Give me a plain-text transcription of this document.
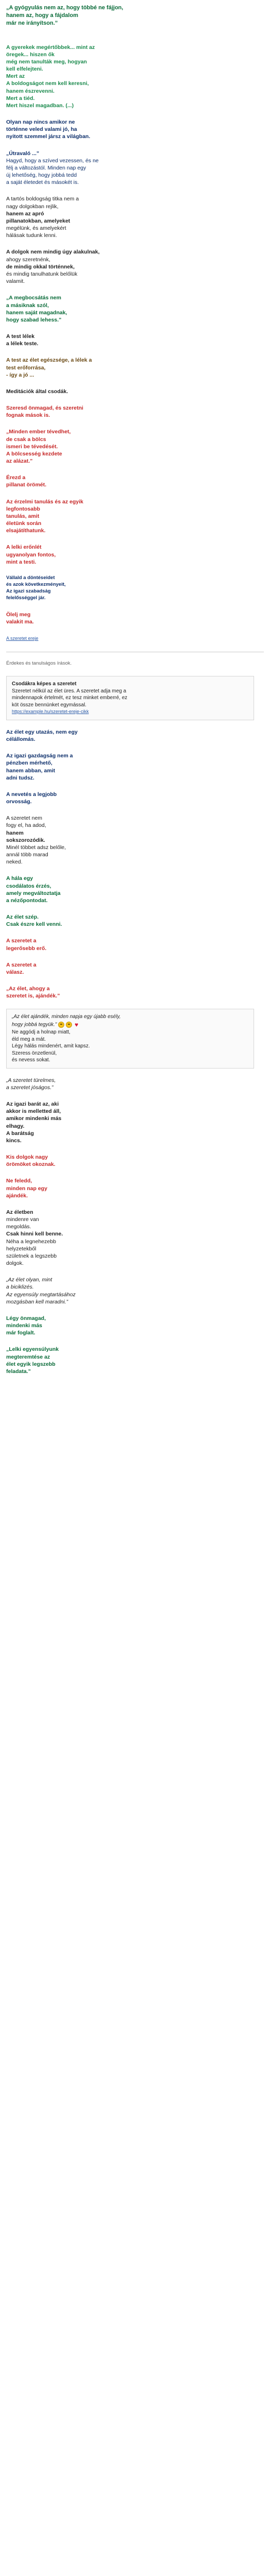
„A gyógyulás nem az, hogy többé ne fájjon,
hanem az, hogy a fájdalom
már ne irányítson.”
A gyerekek megértőbbek... mint az
öregek... hiszen ők
még nem tanulták meg, hogyan
kell elfelejteni.
Mert az
A boldogságot nem kell keresni,
hanem észrevenni.
Mert a tiéd.
Mert hiszel magadban. (...)
Olyan nap nincs amikor ne
történne veled valami jó, ha
nyitott szemmel jársz a világban.
„Útravaló ...”
Hagyd, hogy a szíved vezessen, és ne
félj a változástól. Minden nap egy
új lehetőség, hogy jobbá tedd
a saját életedet és másokét is.
A tartós boldogság titka nem a
nagy dolgokban rejlik,
hanem az apró
pillanatokban, amelyeket
megélünk, és amelyekért
hálásak tudunk lenni.
A dolgok nem mindig úgy alakulnak,
ahogy szeretnénk,
de mindig okkal történnek,
és mindig tanulhatunk belőlük
valamit.
„A megbocsátás nem
a másiknak szól,
hanem saját magadnak,
hogy szabad lehess.”
A test lélek
a lélek teste.
A test az élet egészsége, a lélek a
test erőforrása,
- így a jó ...
Meditációk által csodák.
Szeresd önmagad, és szeretni
fognak mások is.
„Minden ember tévedhet,
de csak a bölcs
ismeri be tévedését.
A bölcsesség kezdete
az alázat.”
Érezd a
pillanat örömét.
Az érzelmi tanulás és az egyik
legfontosabb
tanulás, amit
életünk során
elsajátíthatunk.
A lelki erőnlét
ugyanolyan fontos,
mint a testi.
Vállald a döntéseidet
és azok következményeit,
Az igazi szabadság
felelősséggel jár.
Ölelj meg
valakit ma.
A szeretet ereje
Érdekes és tanulságos írások.
Csodákra képes a szeretet
Szeretet nélkül az élet üres. A szeretet adja meg a
mindennapok értelmét, ez tesz minket emberré, ez
köt össze bennünket egymással.
https://example.hu/szeretet-ereje-cikk
Az élet egy utazás, nem egy
célállomás.
Az igazi gazdagság nem a
pénzben mérhető,
hanem abban, amit
adni tudsz.
A nevetés a legjobb
orvosság.
A szeretet nem
fogy el, ha adod,
hanem
sokszorozódik.
Minél többet adsz belőle,
annál több marad
neked.
A hála egy
csodálatos érzés,
amely megváltoztatja
a nézőpontodat.
Az élet szép.
Csak észre kell venni.
A szeretet a
legerősebb erő.
A szeretet a
válasz.
„Az élet, ahogy a
szeretet is, ajándék.”
„Az élet ajándék, minden napja egy újabb esély,
hogy jobbá tegyük.”	♥
Ne aggódj a holnap miatt,
éld meg a mát.
Légy hálás mindenért, amit kapsz.
Szeress önzetlenül,
és nevess sokat.
„A szeretet türelmes,
a szeretet jóságos.”
Az igazi barát az, aki
akkor is melletted áll,
amikor mindenki más
elhagy.
A barátság
kincs.
Kis dolgok nagy
örömöket okoznak.
Ne feledd,
minden nap egy
ajándék.
Az életben
mindenre van
megoldás.
Csak hinni kell benne.
Néha a legnehezebb
helyzetekből
születnek a legszebb
dolgok.
„Az élet olyan, mint
a biciklizés.
Az egyensúly megtartásához
mozgásban kell maradni.”
Légy önmagad,
mindenki más
már foglalt.
„Lelki egyensúlyunk
megteremtése az
élet egyik legszebb
feladata.”
